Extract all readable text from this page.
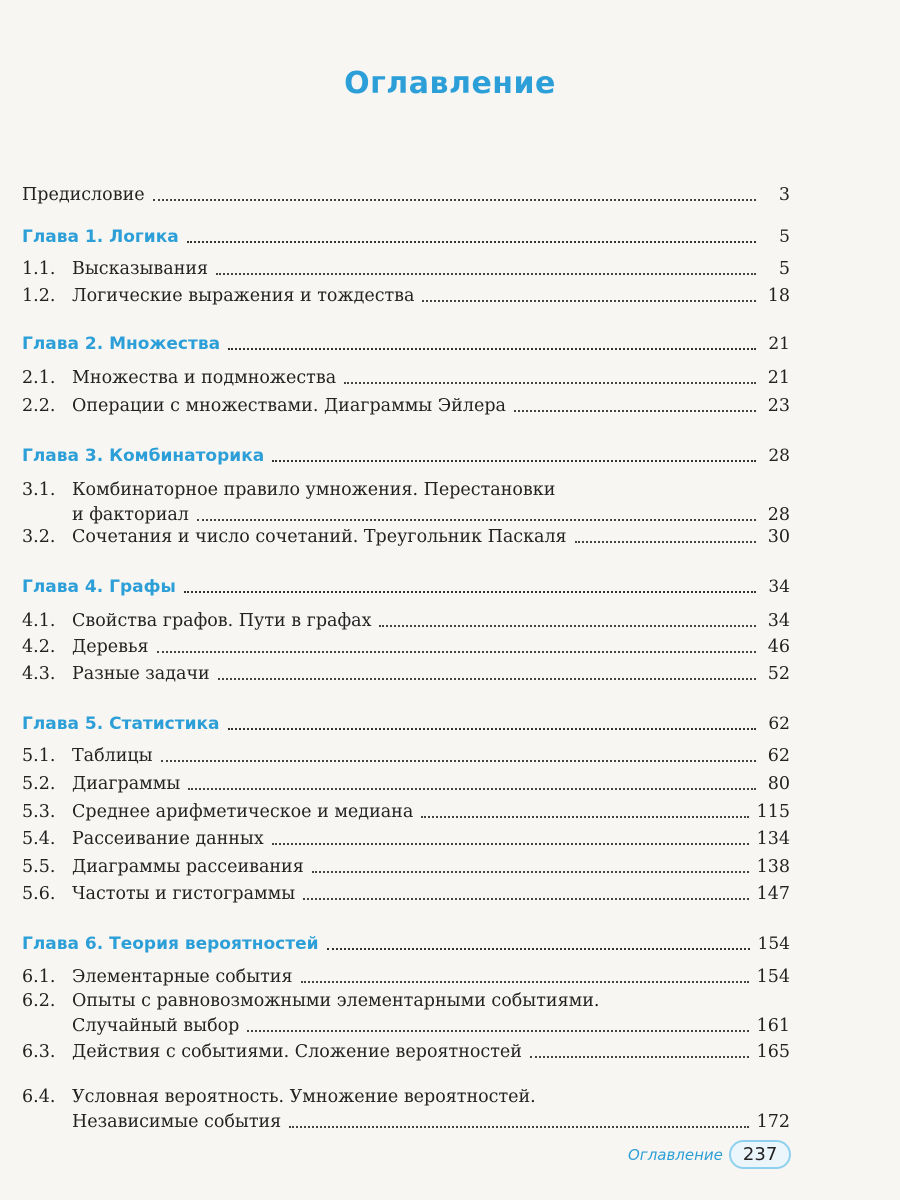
Оглавление
Предисловие	3
Глава 1. Логика	5
1.1. Высказывания	5
1.2. Логические выражения и тождества	18
Глава 2. Множества	21
2.1. Множества и подмножества	21
2.2. Операции с множествами. Диаграммы Эйлера	23
Глава 3. Комбинаторика	28
3.1. Комбинаторное правило умножения. Перестановки
и факториал	28
3.2. Сочетания и число сочетаний. Треугольник Паскаля	30
Глава 4. Графы	34
4.1. Свойства графов. Пути в графах	34
4.2. Деревья	46
4.3. Разные задачи	52
Глава 5. Статистика	62
5.1. Таблицы	62
5.2. Диаграммы	80
5.3. Среднее арифметическое и медиана	115
5.4. Рассеивание данных	134
5.5. Диаграммы рассеивания	138
5.6. Частоты и гистограммы	147
Глава 6. Теория вероятностей	154
6.1. Элементарные события	154
6.2. Опыты с равновозможными элементарными событиями.
Случайный выбор	161
6.3. Действия с событиями. Сложение вероятностей	165
6.4. Условная вероятность. Умножение вероятностей.
Независимые события	172
Оглавление	237
